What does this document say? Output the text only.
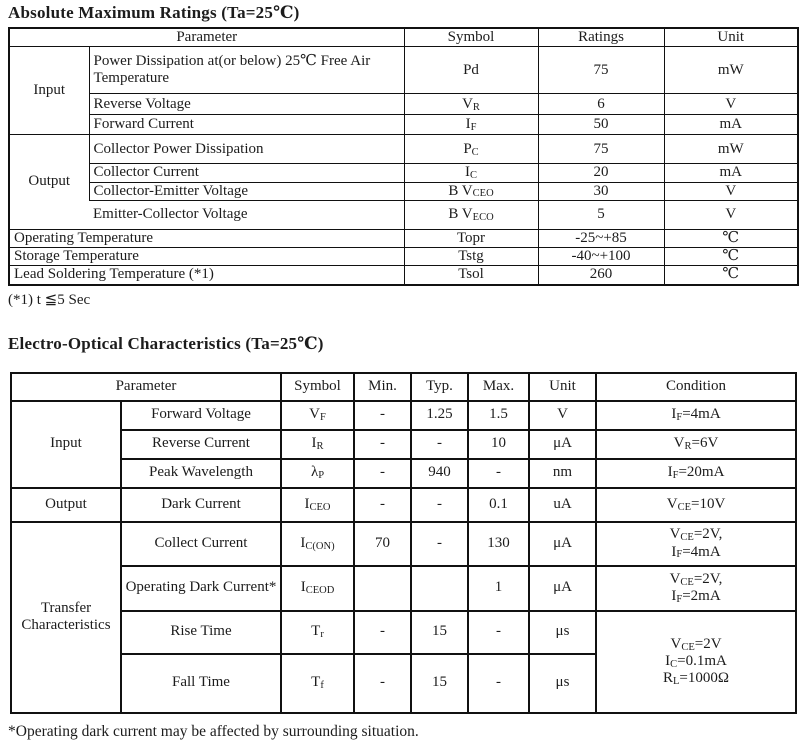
Absolute Maximum Ratings (Ta=25℃)
Parameter		Symbol	Ratings	Unit
Input	Power Dissipation at(or below) 25℃ Free Air Temperature	Pd	75	mW
	Reverse Voltage	$V_R$	6	V
	Forward Current	$I_F$	50	mA
Output	Collector Power Dissipation	$P_C$	75	mW
	Collector Current	$I_C$	20	mA
	Collector-Emitter Voltage	B $V_{CEO}$	30	V
	Emitter-Collector Voltage	B $V_{ECO}$	5	V
Operating Temperature		Topr	-25~+85	℃
Storage Temperature		Tstg	-40~+100	℃
Lead Soldering Temperature (*1)		Tsol	260	℃
(*1) t ≦5 Sec
Electro-Optical Characteristics (Ta=25℃)
Parameter		Symbol	Min.	Typ.	Max.	Unit	Condition
Input	Forward Voltage	$V_F$	-	1.25	1.5	V	$I_F=4mA$
	Reverse Current	$I_R$	-	-	10	μA	$V_R=6V$
	Peak Wavelength	$\lambda_P$	-	940	-	nm	$I_F=20mA$
Output	Dark Current	$I_{CEO}$	-	-	0.1	uA	$V_{CE}=10V$
Transfer Characteristics	Collect Current	$I_{C(ON)}$	70	-	130	μA	$V_{CE}=2V$,
$I_F=4mA$
	Operating Dark Current*	$I_{CEOD}$			1	μA	$V_{CE}=2V$,
$I_F=2mA$
	Rise Time	$T_r$	-	15	-	μs	$V_{CE}=2V$
$I_C=0.1mA$
$R_L=1000\Omega$
	Fall Time	$T_f$	-	15	-	μs	
*Operating dark current may be affected by surrounding situation.
